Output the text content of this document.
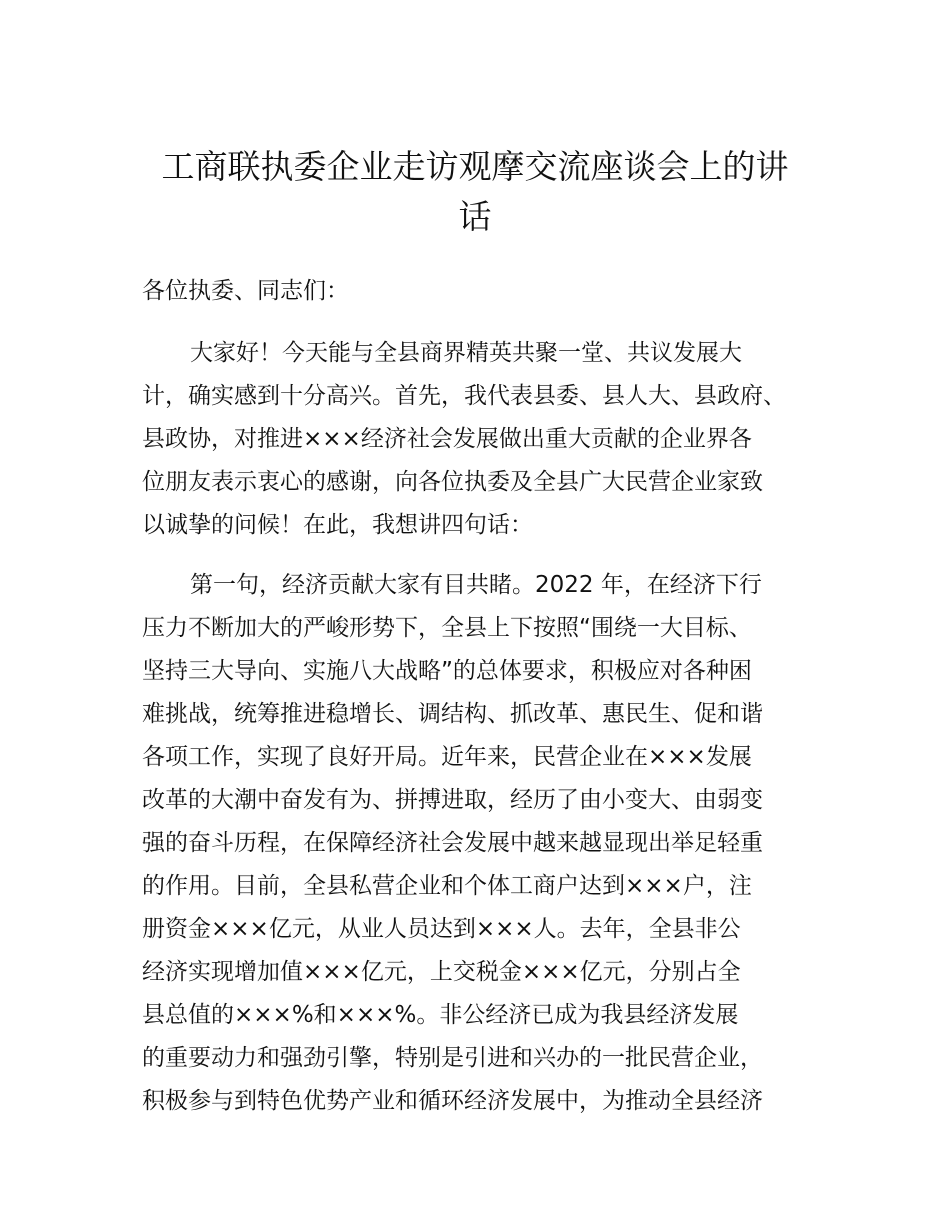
工商联执委企业走访观摩交流座谈会上的讲
话

各位执委、同志们：

大家好！今天能与全县商界精英共聚一堂、共议发展大

计，确实感到十分高兴。首先，我代表县委、县人大、县政府、

县政协，对推进×××经济社会发展做出重大贡献的企业界各

位朋友表示衷心的感谢，向各位执委及全县广大民营企业家致

以诚挚的问候！在此，我想讲四句话：

第一句，经济贡献大家有目共睹。2022 年，在经济下行

压力不断加大的严峻形势下，全县上下按照“围绕一大目标、

坚持三大导向、实施八大战略”的总体要求，积极应对各种困

难挑战，统筹推进稳增长、调结构、抓改革、惠民生、促和谐

各项工作，实现了良好开局。近年来，民营企业在×××发展

改革的大潮中奋发有为、拼搏进取，经历了由小变大、由弱变

强的奋斗历程，在保障经济社会发展中越来越显现出举足轻重

的作用。目前，全县私营企业和个体工商户达到×××户，注

册资金×××亿元，从业人员达到×××人。去年，全县非公

经济实现增加值×××亿元，上交税金×××亿元，分别占全

县总值的×××%和×××%。非公经济已成为我县经济发展

的重要动力和强劲引擎，特别是引进和兴办的一批民营企业，

积极参与到特色优势产业和循环经济发展中，为推动全县经济
